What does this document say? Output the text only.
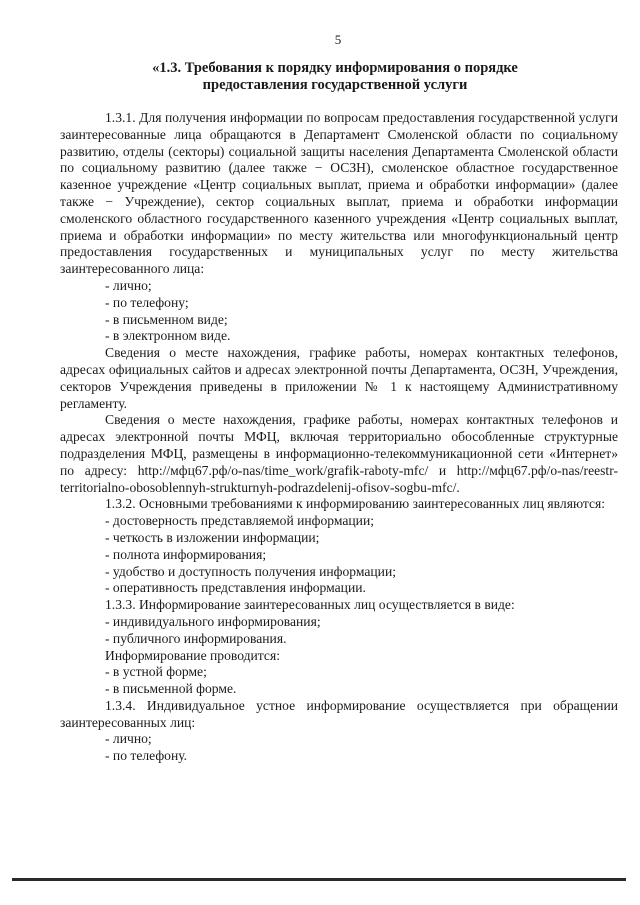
5
«1.3. Требования к порядку информирования о порядке
предоставления государственной услуги

1.3.1. Для получения информации по вопросам предоставления государственной услуги заинтересованные лица обращаются в Департамент Смоленской области по социальному развитию, отделы (секторы) социальной защиты населения Департамента Смоленской области по социальному развитию (далее также − ОСЗН), смоленское областное государственное казенное учреждение «Центр социальных выплат, приема и обработки информации» (далее также − Учреждение), сектор социальных выплат, приема и обработки информации смоленского областного государственного казенного учреждения «Центр социальных выплат, приема и обработки информации» по месту жительства или многофункциональный центр предоставления государственных и муниципальных услуг по месту жительства заинтересованного лица:

- лично;

- по телефону;

- в письменном виде;

- в электронном виде.

Сведения о месте нахождения, графике работы, номерах контактных телефонов, адресах официальных сайтов и адресах электронной почты Департамента, ОСЗН, Учреждения, секторов Учреждения приведены в приложении № 1 к настоящему Административному регламенту.

Сведения о месте нахождения, графике работы, номерах контактных телефонов и адресах электронной почты МФЦ, включая территориально обособленные структурные подразделения МФЦ, размещены в информационно-телекоммуникационной сети «Интернет» по адресу: http://мфц67.рф/o-nas/time_work/grafik-raboty-mfc/ и http://мфц67.рф/o-nas/reestr-territorialno-obosoblennyh-strukturnyh-podrazdelenij-ofisov-sogbu-mfc/.

1.3.2. Основными требованиями к информированию заинтересованных лиц являются:

- достоверность представляемой информации;

- четкость в изложении информации;

- полнота информирования;

- удобство и доступность получения информации;

- оперативность представления информации.

1.3.3. Информирование заинтересованных лиц осуществляется в виде:

- индивидуального информирования;

- публичного информирования.

Информирование проводится:

- в устной форме;

- в письменной форме.

1.3.4. Индивидуальное устное информирование осуществляется при обращении заинтересованных лиц:

- лично;

- по телефону.
